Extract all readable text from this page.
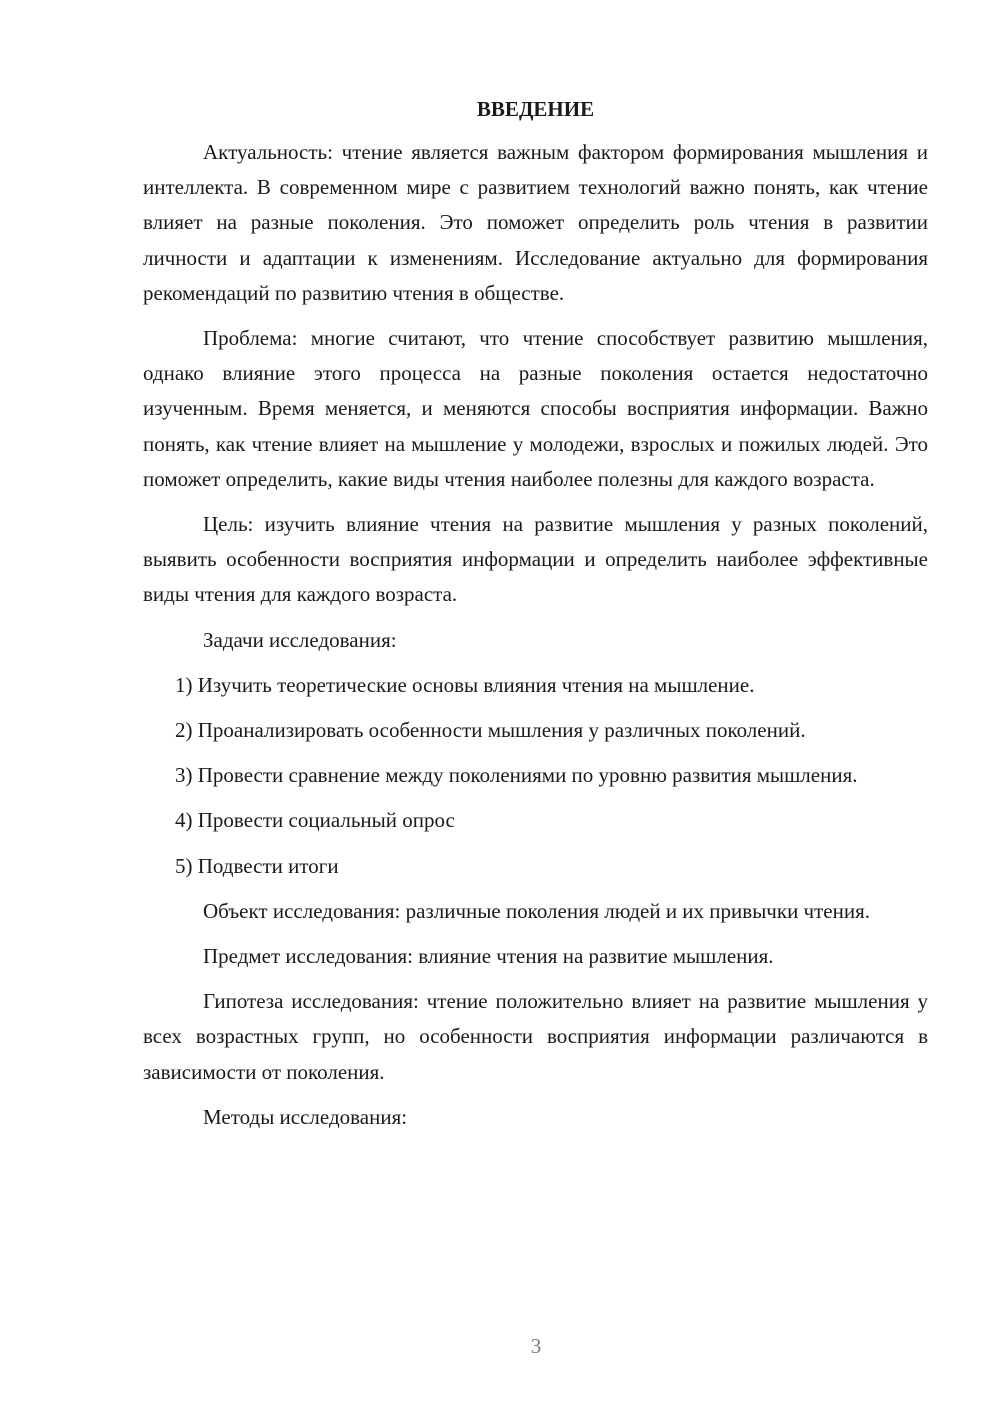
ВВЕДЕНИЕ

Актуальность: чтение является важным фактором формирования мышления и интеллекта. В современном мире с развитием технологий важно понять, как чтение влияет на разные поколения. Это поможет определить роль чтения в развитии личности и адаптации к изменениям. Исследование актуально для формирования рекомендаций по развитию чтения в обществе.

Проблема: многие считают, что чтение способствует развитию мышления, однако влияние этого процесса на разные поколения остается недостаточно изученным. Время меняется, и меняются способы восприятия информации. Важно понять, как чтение влияет на мышление у молодежи, взрослых и пожилых людей. Это поможет определить, какие виды чтения наиболее полезны для каждого возраста.

Цель: изучить влияние чтения на развитие мышления у разных поколений, выявить особенности восприятия информации и определить наиболее эффективные виды чтения для каждого возраста.

Задачи исследования:

1) Изучить теоретические основы влияния чтения на мышление.

2) Проанализировать особенности мышления у различных поколений.

3) Провести сравнение между поколениями по уровню развития мышления.

4) Провести социальный опрос

5) Подвести итоги

Объект исследования: различные поколения людей и их привычки чтения.

Предмет исследования: влияние чтения на развитие мышления.

Гипотеза исследования: чтение положительно влияет на развитие мышления у всех возрастных групп, но особенности восприятия информации различаются в зависимости от поколения.

Методы исследования:

3
